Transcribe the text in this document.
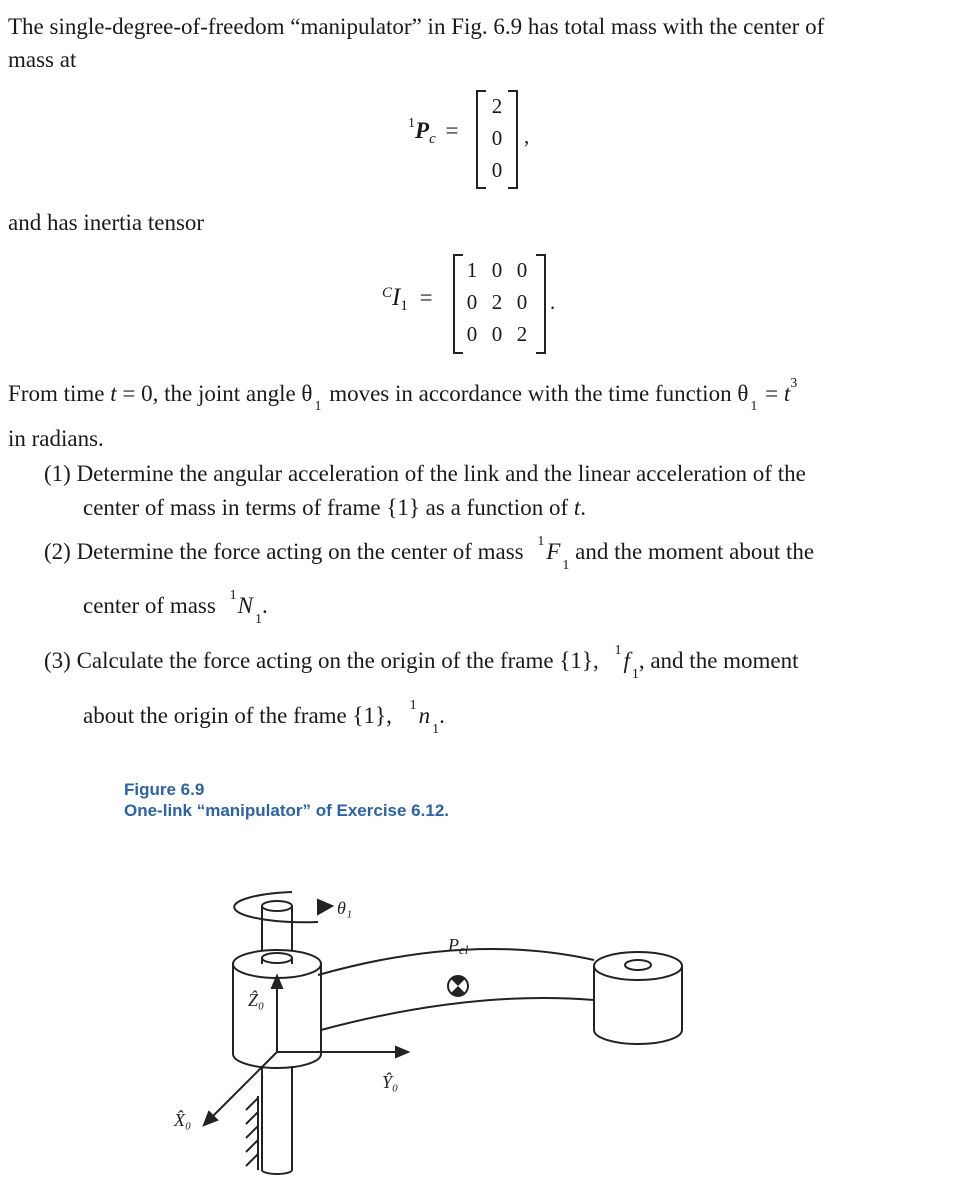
The single-degree-of-freedom “manipulator” in Fig. 6.9 has total mass with the center of
mass at
$^1P_c$ =
2
0
0
,
and has inertia tensor
$^CI_1$ =
1 0 0
0 2 0
0 0 2
.
From time t = 0, the joint angle $\theta_1$ moves in accordance with the time function $\theta_1 = t^3$
in radians.
(1) Determine the angular acceleration of the link and the linear acceleration of the
center of mass in terms of frame {1} as a function of t.
(2) Determine the force acting on the center of mass $^1F_1$ and the moment about the
center of mass $^1N_1$.
(3) Calculate the force acting on the origin of the frame {1}, $^1f_1$, and the moment
about the origin of the frame {1}, $^1n_1$.
Figure 6.9
One-link “manipulator” of Exercise 6.12.
θ₁
Pcl
Ẑ₀
Ŷ₀
X̂₀
